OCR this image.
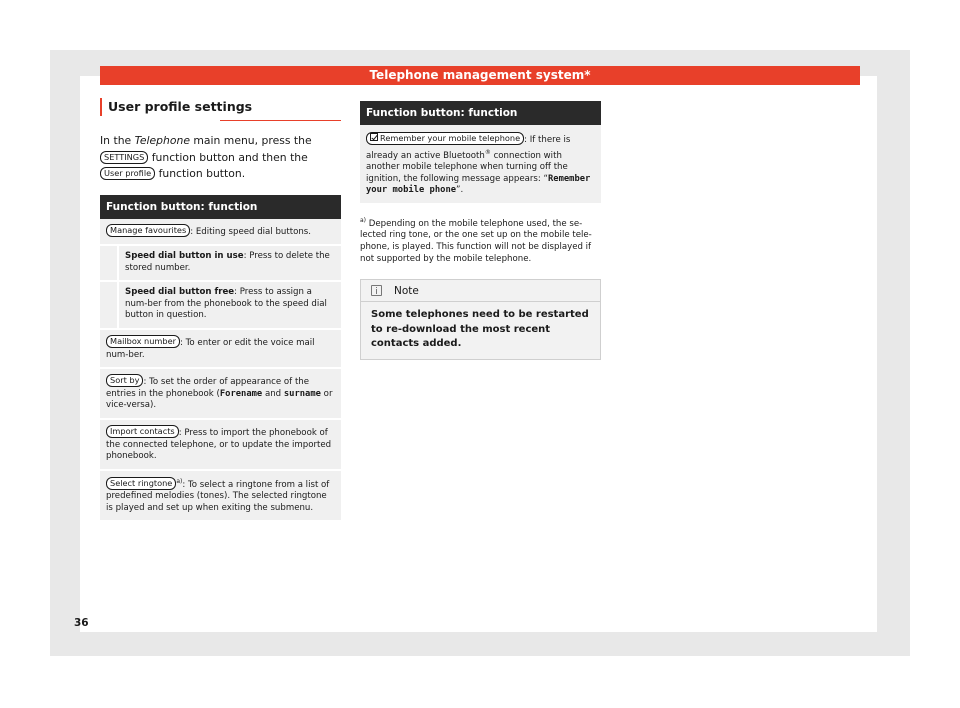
Telephone management system*
User profile settings

In the Telephone main menu, press the SETTINGS function button and then the User profile function button.

Function button: function
Manage favourites : Editing speed dial buttons.
Speed dial button in use: Press to delete the stored number.
Speed dial button free: Press to assign a num-ber from the phonebook to the speed dial button in question.
Mailbox number : To enter or edit the voice mail num-ber.
Sort by : To set the order of appearance of the entries in the phonebook (Forename and surname or vice-versa).
Import contacts : Press to import the phonebook of the connected telephone, or to update the imported phonebook.
Select ringtone $^{a)}$: To select a ringtone from a list of predefined melodies (tones). The selected ringtone is played and set up when exiting the submenu.
Function button: function
Remember your mobile telephone : If there is already an active Bluetooth® connection with another mobile telephone when turning off the ignition, the following message appears: “Remember your mobile phone”.

$^{a)}$ Depending on the mobile telephone used, the se-lected ring tone, or the one set up on the mobile tele-phone, is played. This function will not be displayed if not supported by the mobile telephone.

Note
Some telephones need to be restarted to re-download the most recent contacts added.
36
